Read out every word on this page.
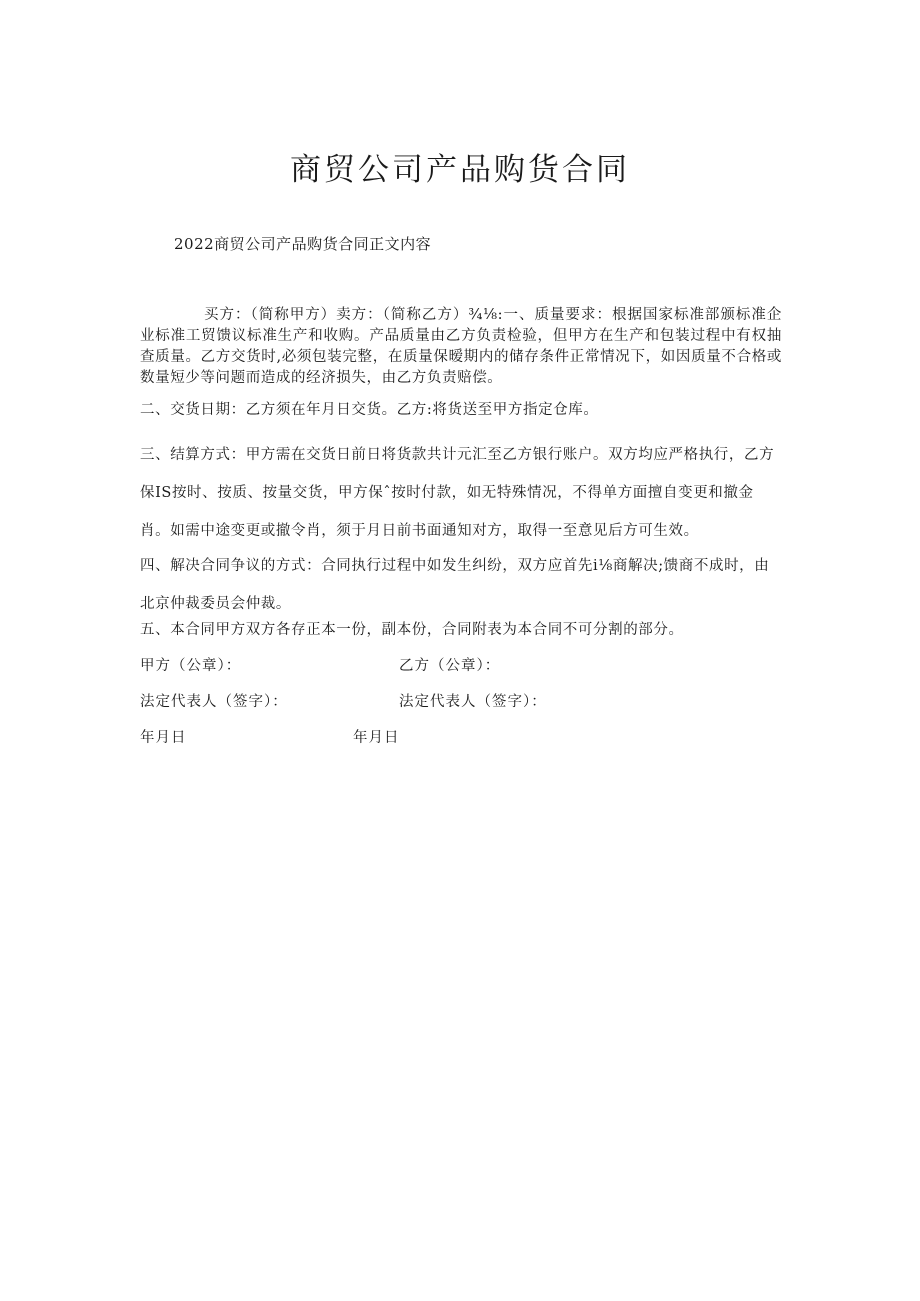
商贸公司产品购货合同

2022商贸公司产品购货合同正文内容

买方：（简称甲方）卖方：（简称乙方）¾⅛:一、质量要求：根据国家标准部颁标准企业标准工贸馈议标准生产和收购。产品质量由乙方负责检验，但甲方在生产和包装过程中有权抽查质量。乙方交货时,必须包装完整，在质量保暧期内的储存条件正常情况下，如因质量不合格或数量短少等问题而造成的经济损失，由乙方负责赔偿。

二、交货日期：乙方须在年月日交货。乙方:将货送至甲方指定仓库。

三、结算方式：甲方需在交货日前日将货款共计元汇至乙方银行账户。双方均应严格执行，乙方保IS按时、按质、按量交货，甲方保ˆ按时付款，如无特殊情况，不得单方面擅自变更和撤金肖。如需中途变更或撤令肖，须于月日前书面通知对方，取得一至意见后方可生效。

四、解决合同争议的方式：合同执行过程中如发生纠纷，双方应首先i⅛商解决;馈商不成时，由北京仲裁委员会仲裁。

五、本合同甲方双方各存正本一份，副本份，合同附表为本合同不可分割的部分。

甲方（公章）：	乙方（公章）：

法定代表人（签字）：	法定代表人（签字）：

年月日	年月日
